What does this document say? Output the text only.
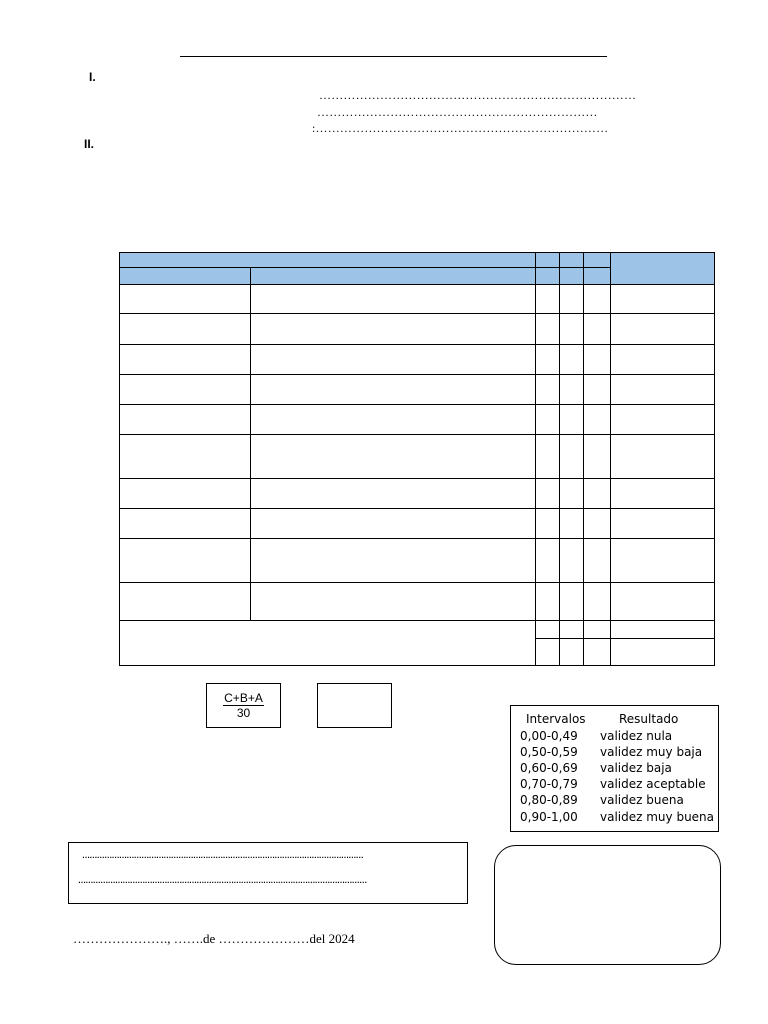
I.
II.
……………………………………………………………………
……………………………………………………………
:………………………………………………………………

$\frac{C+B+A}{30}$	Intervalos	Resultado
0,00-0,49 validez nula
0,50-0,59 validez muy baja
0,60-0,69 validez baja
0,70-0,79 validez aceptable
0,80-0,89 validez buena
0,90-1,00 validez muy buena
……………………………………………………………………………………………………
………………………………………………………………………………………………………
…………………., …….de …………………del 2024
